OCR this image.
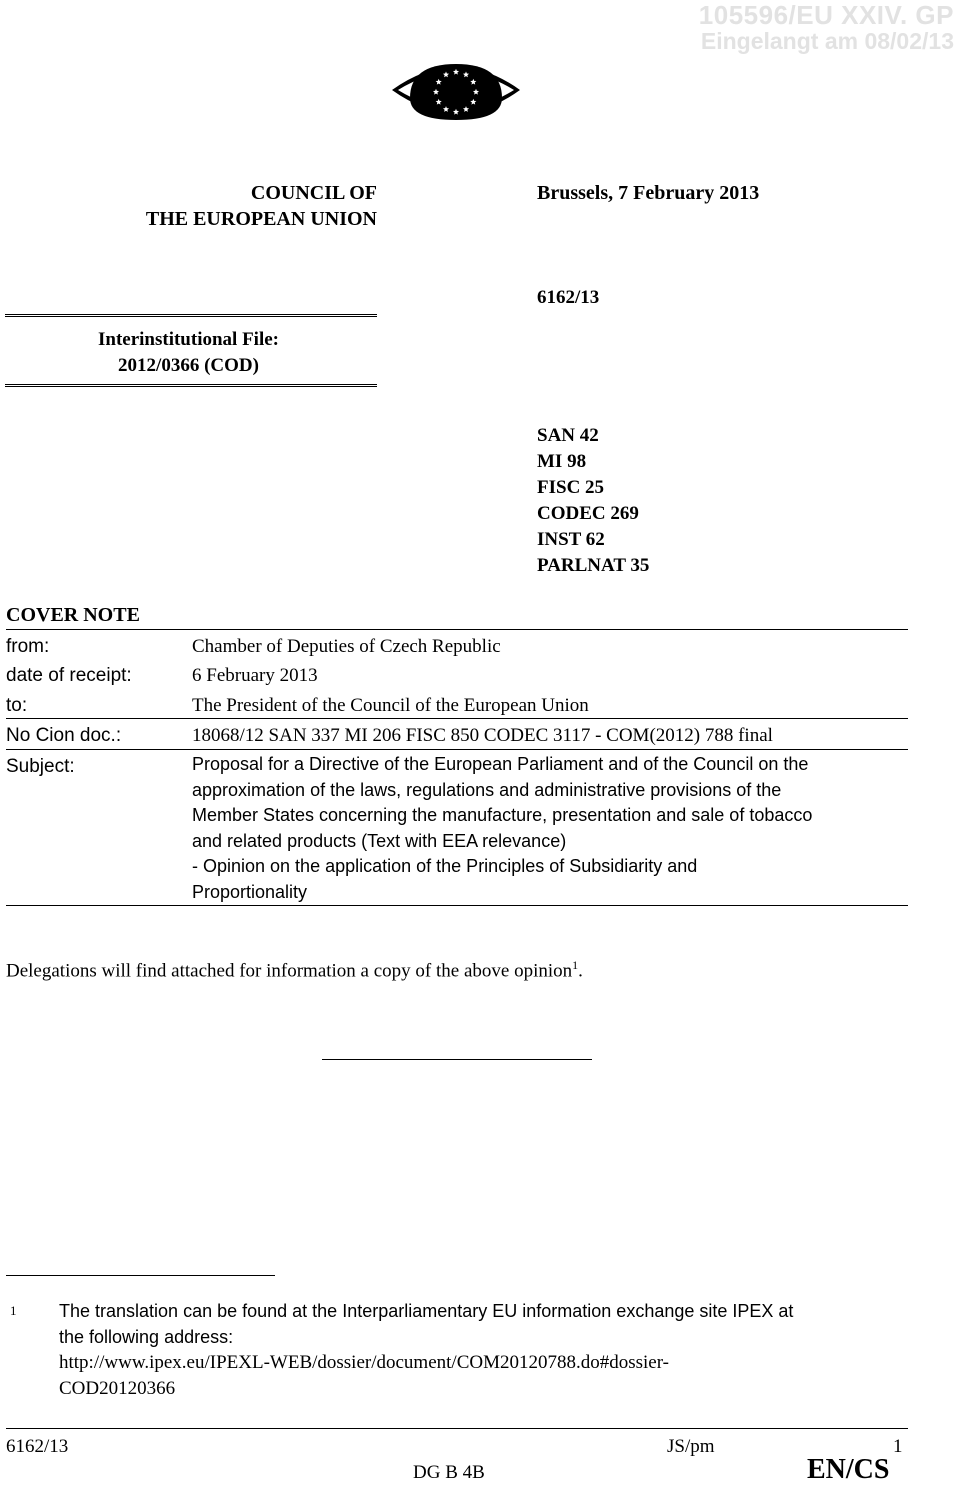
105596/EU XXIV. GP
Eingelangt am 08/02/13
COUNCIL OF
THE EUROPEAN UNION
Brussels, 7 February 2013
Interinstitutional File:
2012/0366 (COD)
6162/13
SAN 42
MI 98
FISC 25
CODEC 269
INST 62
PARLNAT 35
COVER NOTE
from:	Chamber of Deputies of Czech Republic
date of receipt:	6 February 2013
to:	The President of the Council of the European Union
No Cion doc.:	18068/12 SAN 337 MI 206 FISC 850 CODEC 3117 - COM(2012) 788 final
Subject:	Proposal for a Directive of the European Parliament and of the Council on the
approximation of the laws, regulations and administrative provisions of the
Member States concerning the manufacture, presentation and sale of tobacco
and related products (Text with EEA relevance)
- Opinion on the application of the Principles of Subsidiarity and
Proportionality
Delegations will find attached for information a copy of the above opinion$^1$.
1 The translation can be found at the Interparliamentary EU information exchange site IPEX at
the following address:
http://www.ipex.eu/IPEXL-WEB/dossier/document/COM20120788.do#dossier-
COD20120366
6162/13	JS/pm	1
DG B 4B	EN/CS
